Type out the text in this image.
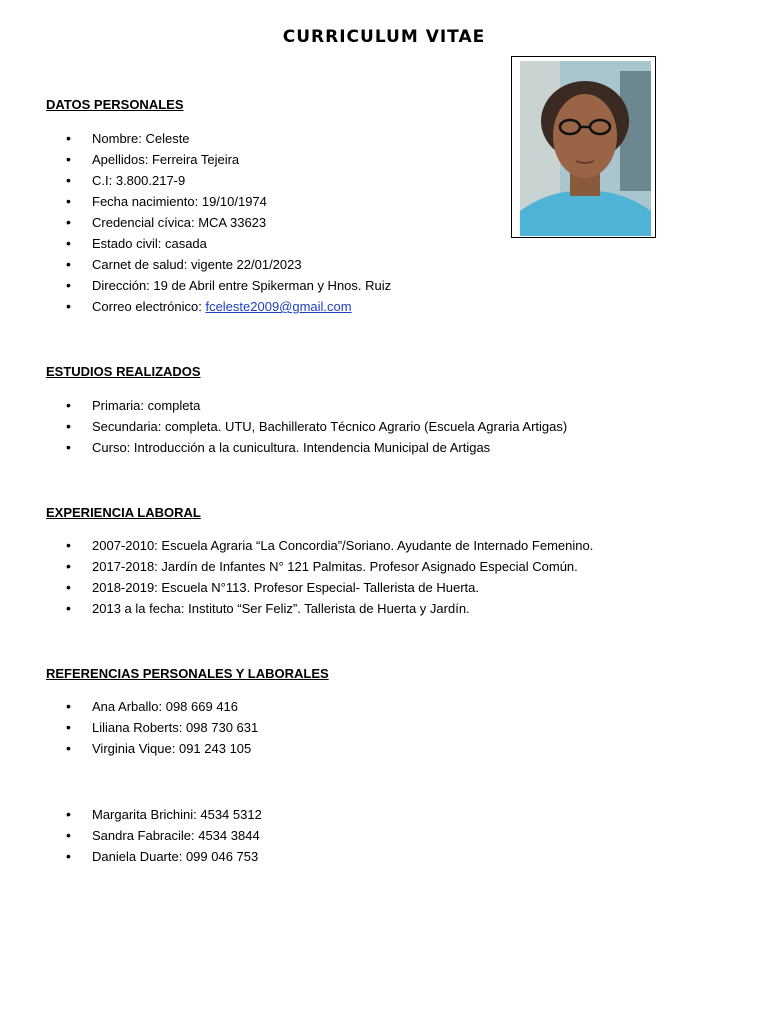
CURRICULUM VITAE
DATOS PERSONALES
• Nombre: Celeste
• Apellidos: Ferreira Tejeira
• C.I: 3.800.217-9
• Fecha nacimiento: 19/10/1974
• Credencial cívica: MCA 33623
• Estado civil: casada
• Carnet de salud: vigente 22/01/2023
• Dirección: 19 de Abril entre Spikerman y Hnos. Ruiz
• Correo electrónico: fceleste2009@gmail.com
ESTUDIOS REALIZADOS
• Primaria: completa
• Secundaria: completa. UTU, Bachillerato Técnico Agrario (Escuela Agraria Artigas)
• Curso: Introducción a la cunicultura. Intendencia Municipal de Artigas
EXPERIENCIA LABORAL
• 2007-2010: Escuela Agraria “La Concordia”/Soriano. Ayudante de Internado Femenino.
• 2017-2018: Jardín de Infantes N° 121 Palmitas. Profesor Asignado Especial Común.
• 2018-2019: Escuela N°113. Profesor Especial- Tallerista de Huerta.
• 2013 a la fecha: Instituto “Ser Feliz”. Tallerista de Huerta y Jardín.
REFERENCIAS PERSONALES Y LABORALES
• Ana Arballo: 098 669 416
• Liliana Roberts: 098 730 631
• Virginia Vique: 091 243 105
• Margarita Brichini: 4534 5312
• Sandra Fabracile: 4534 3844
• Daniela Duarte: 099 046 753
